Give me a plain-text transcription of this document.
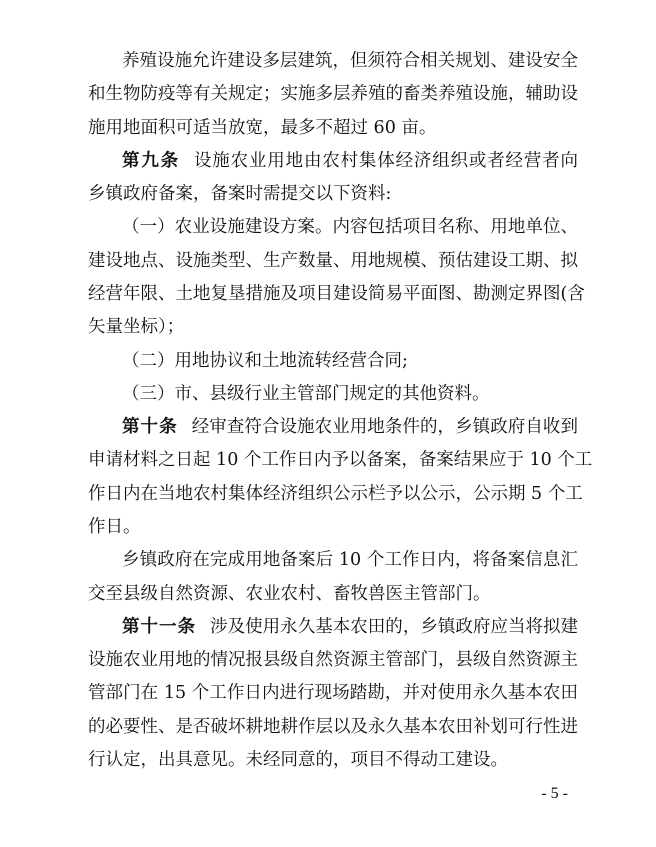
养殖设施允许建设多层建筑，但须符合相关规划、建设安全
和生物防疫等有关规定；实施多层养殖的畜类养殖设施，辅助设
施用地面积可适当放宽，最多不超过 60 亩。
第九条 设施农业用地由农村集体经济组织或者经营者向
乡镇政府备案，备案时需提交以下资料:
（一）农业设施建设方案。内容包括项目名称、用地单位、
建设地点、设施类型、生产数量、用地规模、预估建设工期、拟
经营年限、土地复垦措施及项目建设简易平面图、勘测定界图(含
矢量坐标）；
（二）用地协议和土地流转经营合同;
（三）市、县级行业主管部门规定的其他资料。
第十条 经审查符合设施农业用地条件的，乡镇政府自收到
申请材料之日起 10 个工作日内予以备案，备案结果应于 10 个工
作日内在当地农村集体经济组织公示栏予以公示，公示期 5 个工
作日。
乡镇政府在完成用地备案后 10 个工作日内，将备案信息汇
交至县级自然资源、农业农村、畜牧兽医主管部门。
第十一条 涉及使用永久基本农田的，乡镇政府应当将拟建
设施农业用地的情况报县级自然资源主管部门，县级自然资源主
管部门在 15 个工作日内进行现场踏勘，并对使用永久基本农田
的必要性、是否破坏耕地耕作层以及永久基本农田补划可行性进
行认定，出具意见。未经同意的，项目不得动工建设。
- 5 -
